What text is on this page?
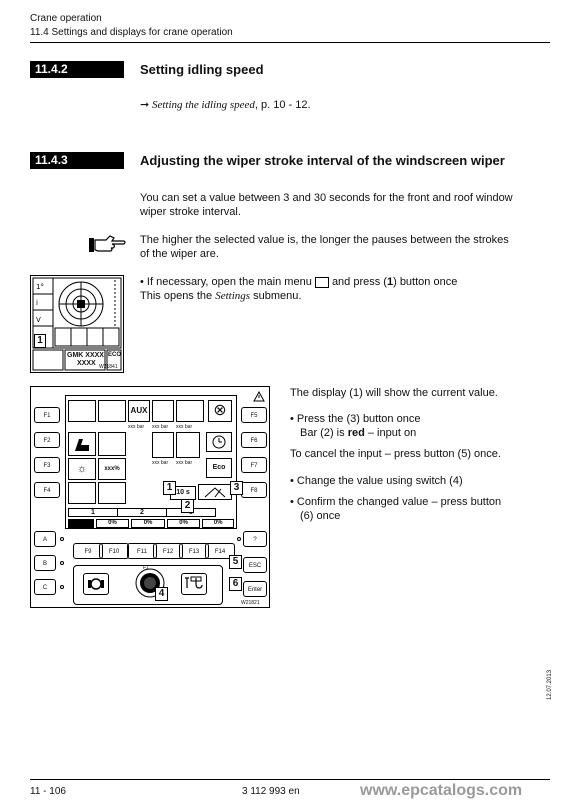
Crane operation
11.4 Settings and displays for crane operation
11.4.2	Setting idling speed
➞ Setting the idling speed, p. 10 - 12.
11.4.3	Adjusting the wiper stroke interval of the windscreen wiper
You can set a value between 3 and 30 seconds for the front and roof window
wiper stroke interval.
The higher the selected value is, the longer the pauses between the strokes
of the wiper are.
1°
i
V
1
GMK XXXX
XXXX
ECO
W21841
• If necessary, open the main menu and press (1) button once
This opens the Settings submenu.
F1
F2
F3
F4
F5
F6
F7
F8
AUX	⊗
xxx bar xxx bar xxx bar
xxx bar xxx bar
☼	xxx%	Eco
10 s
1	2
0%	0%	0%	0%
1
2
3
A
B
C
F9	F10	F11	F12	F13	F14
?
ESC
Enter
5
6
F1
4
W21821
The display (1) will show the current value.
• Press the (3) button once
Bar (2) is red – input on
To cancel the input – press button (5) once.
• Change the value using switch (4)
• Confirm the changed value – press button
(6) once
12.07.2013
11 - 106	3 112 993 en	www.epcatalogs.com
